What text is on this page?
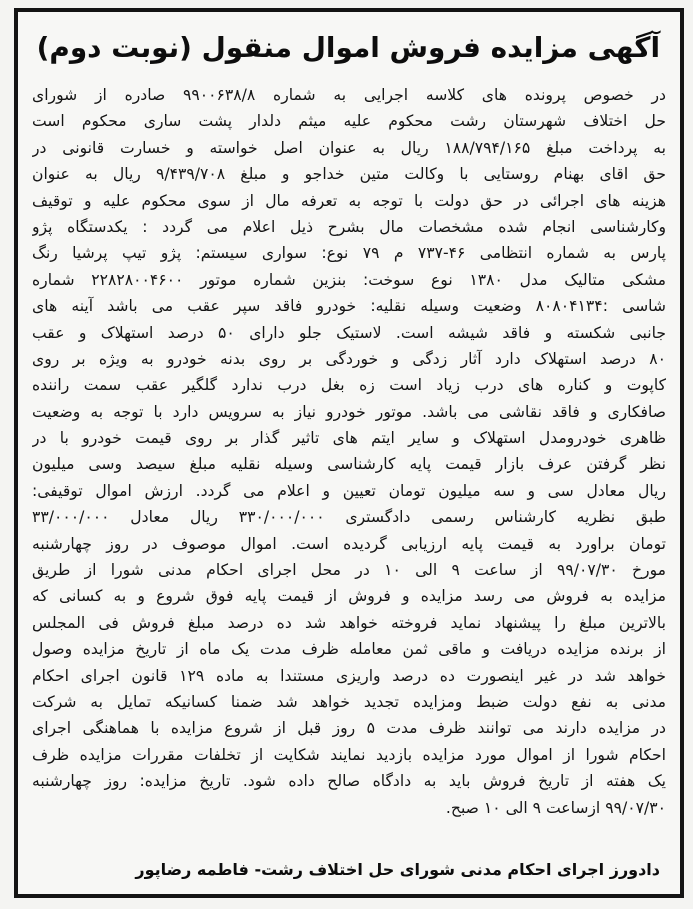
آگهی مزایده فروش اموال منقول (نوبت دوم)
در خصوص پرونده های کلاسه اجرایی به شماره ۹۹۰۰۶۳۸/۸ صادره از شورای
حل اختلاف شهرستان رشت محکوم علیه میثم دلدار پشت ساری محکوم است
به پرداخت مبلغ ۱۸۸/۷۹۴/۱۶۵ ریال به عنوان اصل خواسته و خسارت قانونی در
حق اقای بهنام روستایی با وکالت متین خداجو و مبلغ ۹/۴۳۹/۷۰۸ ریال به عنوان
هزینه های اجرائی در حق دولت با توجه به تعرفه مال از سوی محکوم علیه و توقیف
وکارشناسی انجام شده مشخصات مال بشرح ذیل اعلام می گردد : یکدستگاه پژو
پارس به شماره انتظامی ۴۶-۷۳۷ م ۷۹ نوع: سواری سیستم: پژو تیپ پرشیا رنگ
مشکی متالیک مدل ۱۳۸۰ نوع سوخت: بنزین شماره موتور ۲۲۸۲۸۰۰۴۶۰۰ شماره
شاسی :۸۰۸۰۴۱۳۴ وضعیت وسیله نقلیه: خودرو فاقد سپر عقب می باشد آینه های
جانبی شکسته و فاقد شیشه است. لاستیک جلو دارای ۵۰ درصد استهلاک و عقب
۸۰ درصد استهلاک دارد آثار زدگی و خوردگی بر روی بدنه خودرو به ویژه بر روی
کاپوت و کناره های درب زیاد است زه بغل درب ندارد گلگیر عقب سمت راننده
صافکاری و فاقد نقاشی می باشد. موتور خودرو نیاز به سرویس دارد با توجه به وضعیت
ظاهری خودرومدل استهلاک و سایر ایتم های تاثیر گذار بر روی قیمت خودرو با در
نظر گرفتن عرف بازار قیمت پایه کارشناسی وسیله نقلیه مبلغ سیصد وسی میلیون
ریال معادل سی و سه میلیون تومان تعیین و اعلام می گردد. ارزش اموال توقیفی:
طبق نظریه کارشناس رسمی دادگستری ۳۳۰/۰۰۰/۰۰۰ ریال معادل ۳۳/۰۰۰/۰۰۰
تومان براورد به قیمت پایه ارزیابی گردیده است. اموال موصوف در روز چهارشنبه
مورخ ۹۹/۰۷/۳۰ از ساعت ۹ الی ۱۰ در محل اجرای احکام مدنی شورا از طریق
مزایده به فروش می رسد مزایده و فروش از قیمت پایه فوق شروع و به کسانی که
بالاترین مبلغ را پیشنهاد نماید فروخته خواهد شد ده درصد مبلغ فروش فی المجلس
از برنده مزایده دریافت و ماقی ثمن معامله ظرف مدت یک ماه از تاریخ مزایده وصول
خواهد شد در غیر اینصورت ده درصد واریزی مستندا به ماده ۱۲۹ قانون اجرای احکام
مدنی به نفع دولت ضبط ومزایده تجدید خواهد شد ضمنا کسانیکه تمایل به شرکت
در مزایده دارند می توانند ظرف مدت ۵ روز قبل از شروع مزایده با هماهنگی اجرای
احکام شورا از اموال مورد مزایده بازدید نمایند شکایت از تخلفات مقررات مزایده ظرف
یک هفته از تاریخ فروش باید به دادگاه صالح داده شود. تاریخ مزایده: روز چهارشنبه
۹۹/۰۷/۳۰ ازساعت ۹ الی ۱۰ صبح.
دادورز اجرای احکام مدنی شورای حل اختلاف رشت- فاطمه رضاپور
